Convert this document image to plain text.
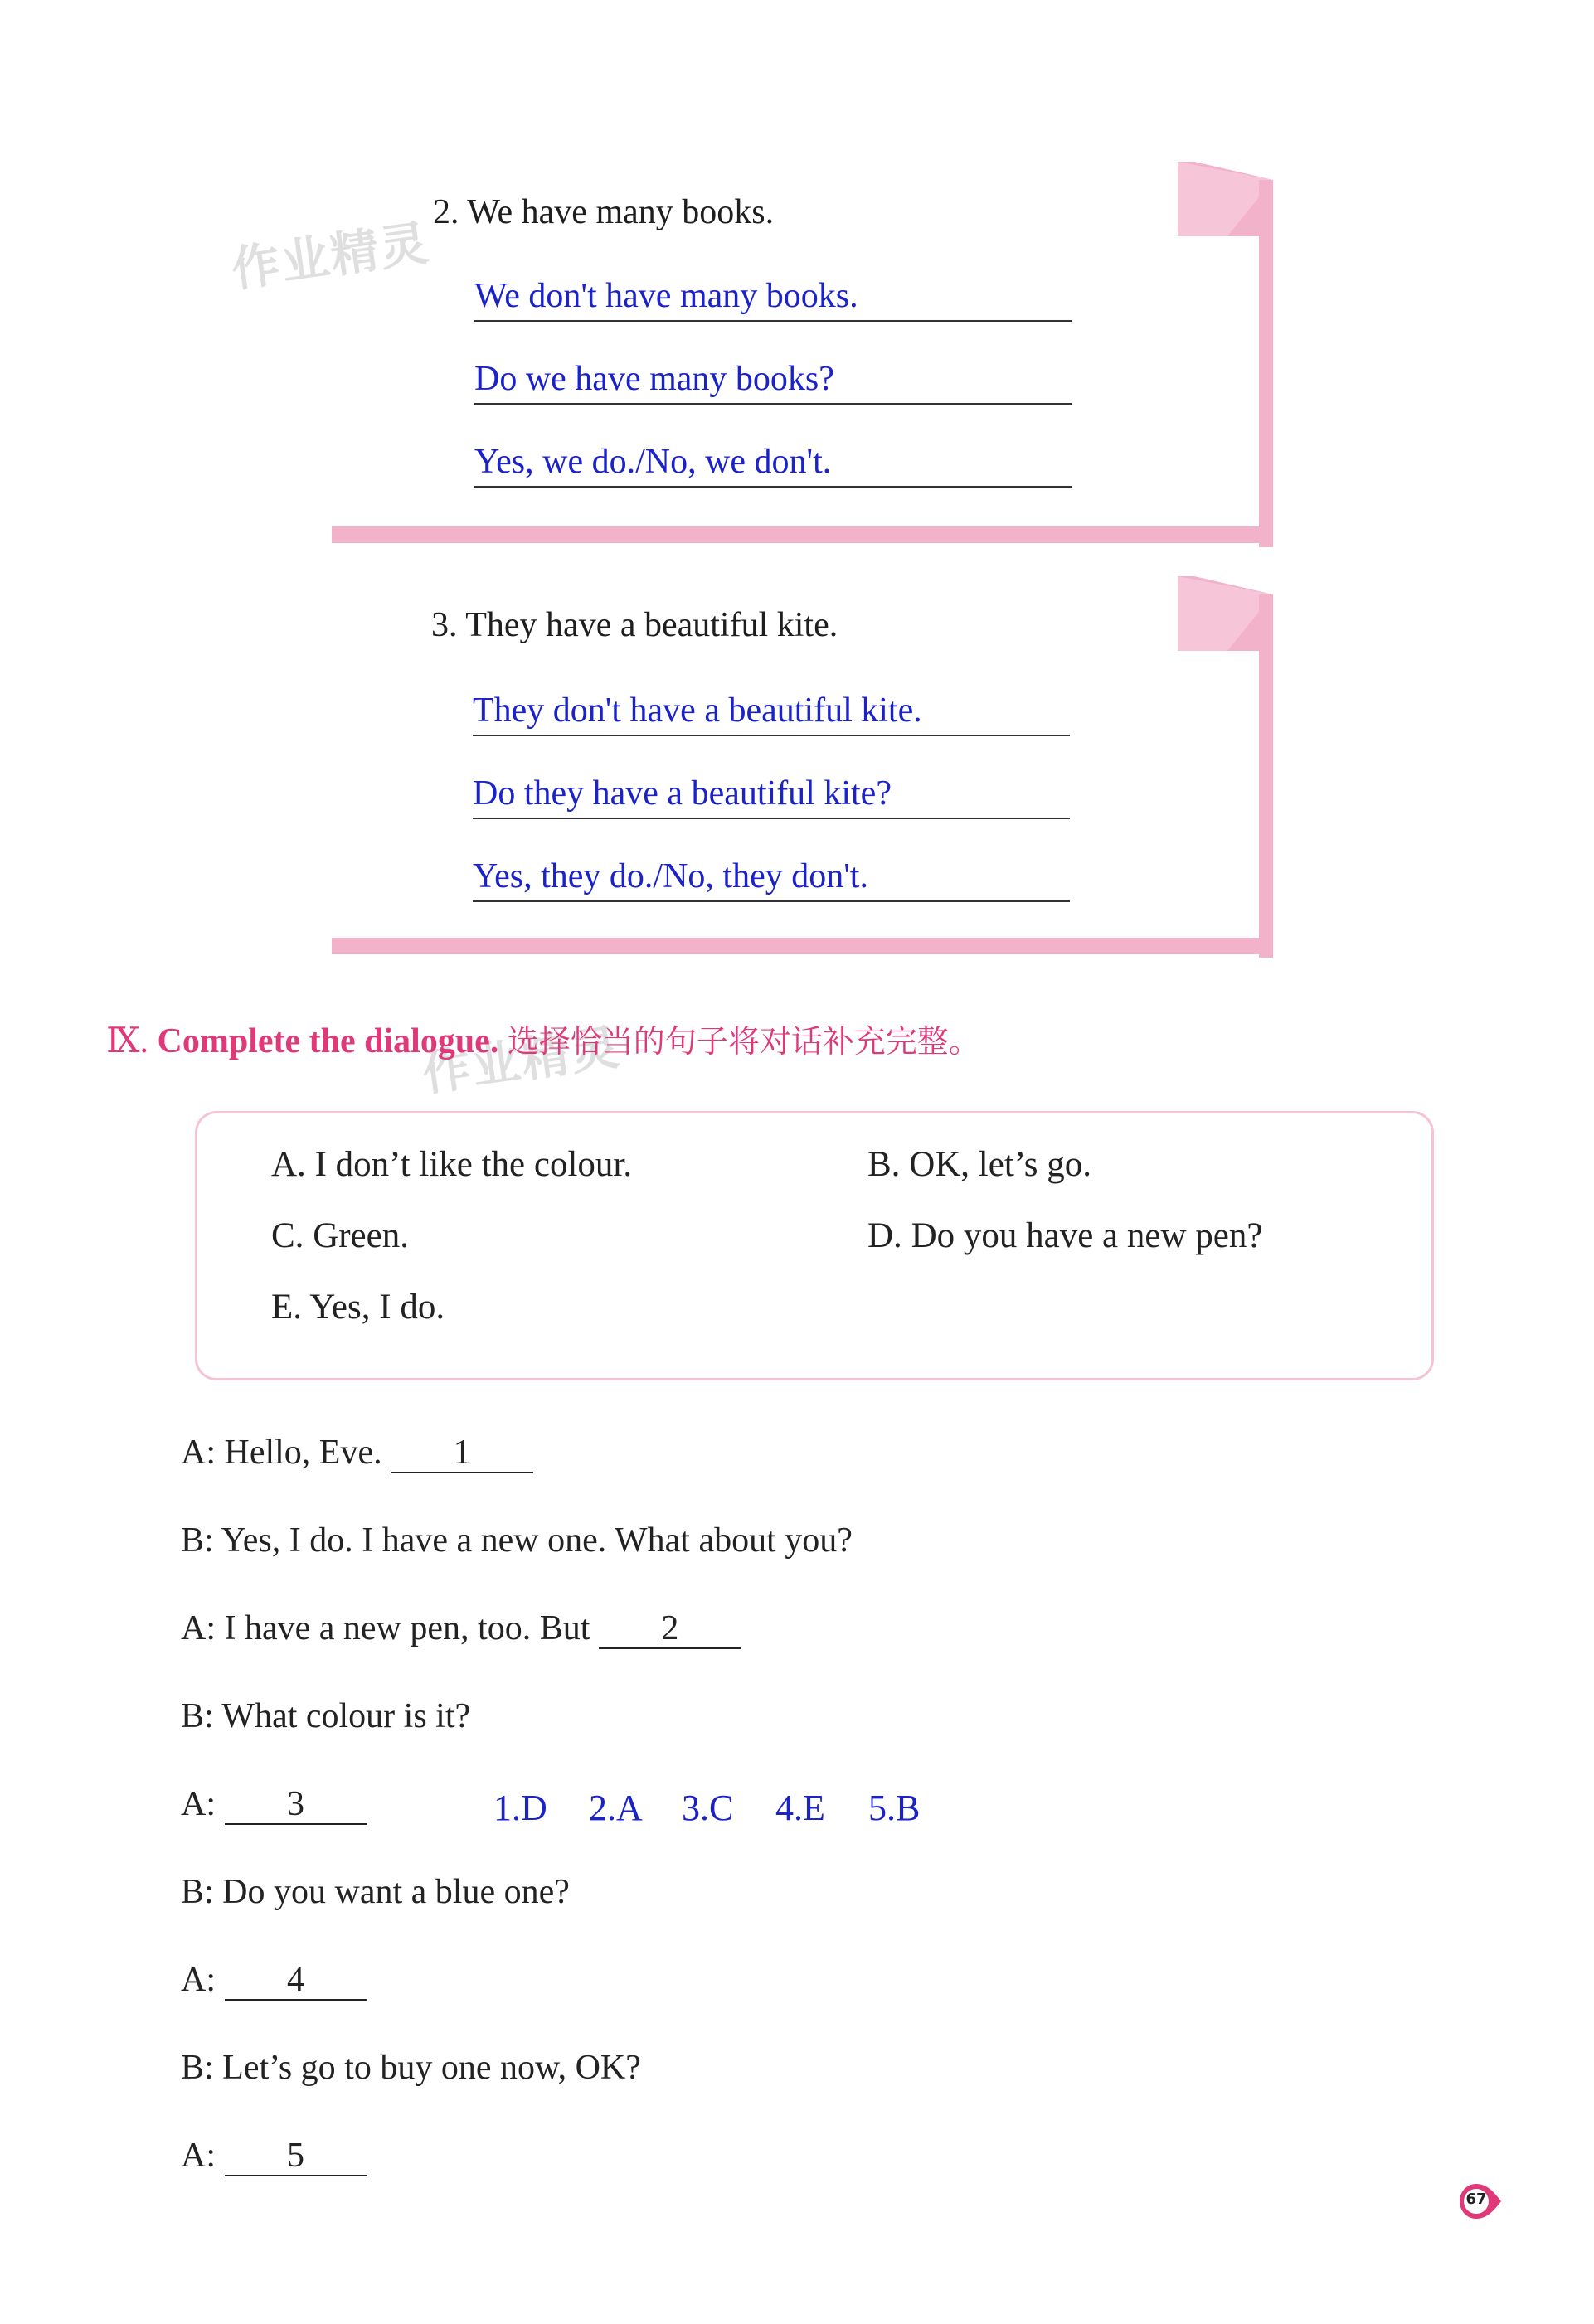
作业精灵
作业精灵
2. We have many books.
We don't have many books.
Do we have many books?
Yes, we do./No, we don't.
3. They have a beautiful kite.
They don't have a beautiful kite.
Do they have a beautiful kite?
Yes, they do./No, they don't.
Ⅸ. Complete the dialogue. 选择恰当的句子将对话补充完整。
A. I don’t like the colour.	B. OK, let’s go.
C. Green.	D. Do you have a new pen?
E. Yes, I do.
A: Hello, Eve. 1
B: Yes, I do. I have a new one. What about you?
A: I have a new pen, too. But 2
B: What colour is it?
A: 3
B: Do you want a blue one?
A: 4
B: Let’s go to buy one now, OK?
A: 5
1.D 2.A 3.C 4.E 5.B
67
